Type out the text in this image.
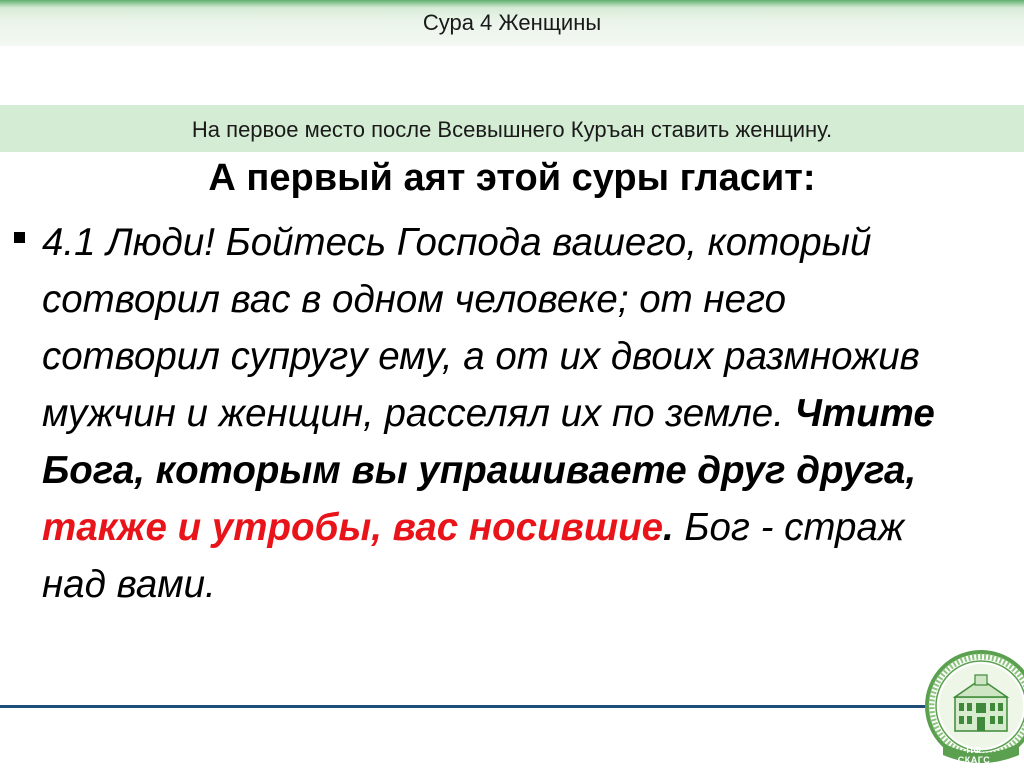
Сура 4 Женщины
На первое место после Всевышнего Куръан ставить женщину.
А первый аят этой суры гласит:
4.1 Люди! Бойтесь Господа вашего, который сотворил вас в одном человеке; от него сотворил супругу ему, а от их двоих размножив мужчин и женщин, расселял их по земле. Чтите Бога, которым вы упрашиваете друг друга, также и утробы, вас носившие. Бог - страж над вами.
ПФ СКАГС
